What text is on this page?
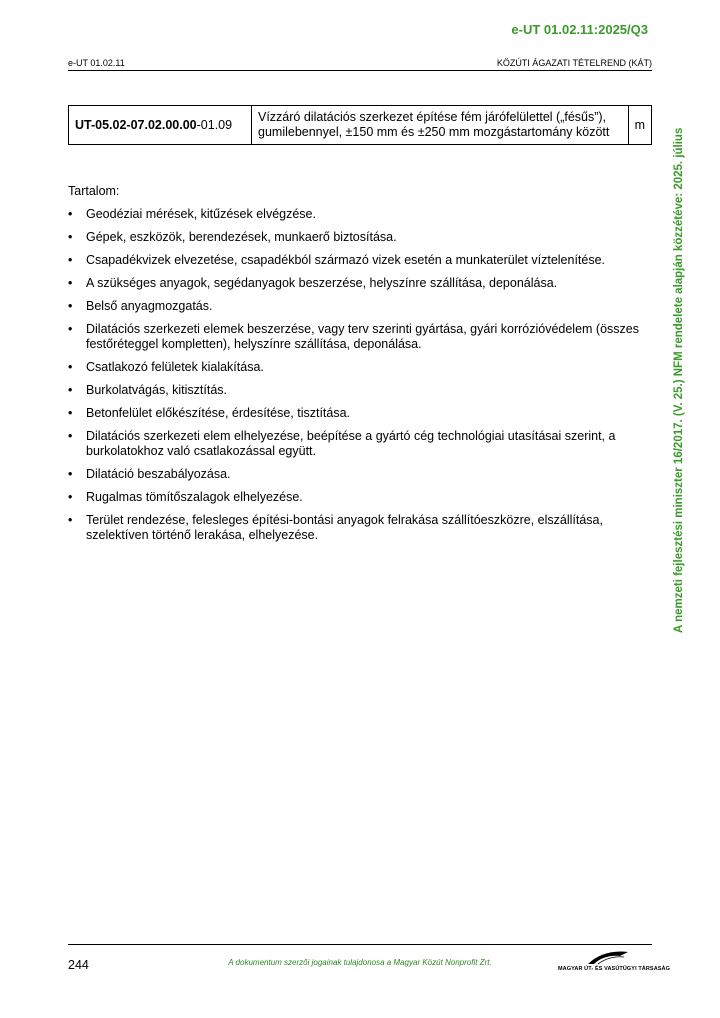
e-UT 01.02.11:2025/Q3
e-UT 01.02.11	KÖZÚTI ÁGAZATI TÉTELREND (KÁT)
UT-05.02-07.02.00.00-01.09	Vízzáró dilatációs szerkezet építése fém járófelülettel („fésűs”), gumilebennyel, ±150 mm és ±250 mm mozgástartomány között	m
Tartalom:
• Geodéziai mérések, kitűzések elvégzése.
• Gépek, eszközök, berendezések, munkaerő biztosítása.
• Csapadékvizek elvezetése, csapadékból származó vizek esetén a munkaterület víztelenítése.
• A szükséges anyagok, segédanyagok beszerzése, helyszínre szállítása, deponálása.
• Belső anyagmozgatás.
• Dilatációs szerkezeti elemek beszerzése, vagy terv szerinti gyártása, gyári korrózióvédelem (összes festőréteggel kompletten), helyszínre szállítása, deponálása.
• Csatlakozó felületek kialakítása.
• Burkolatvágás, kitisztítás.
• Betonfelület előkészítése, érdesítése, tisztítása.
• Dilatációs szerkezeti elem elhelyezése, beépítése a gyártó cég technológiai utasításai szerint, a burkolatokhoz való csatlakozással együtt.
• Dilatáció beszabályozása.
• Rugalmas tömítőszalagok elhelyezése.
• Terület rendezése, felesleges építési-bontási anyagok felrakása szállítóeszközre, elszállítása, szelektíven történő lerakása, elhelyezése.	A nemzeti fejlesztési miniszter 16/2017. (V. 25.) NFM rendelete alapján közzétéve: 2025. július
244	A dokumentum szerzői jogainak tulajdonosa a Magyar Közút Nonprofit Zrt.
MAGYAR ÚT- ÉS VASÚTÜGYI TÁRSASÁG
